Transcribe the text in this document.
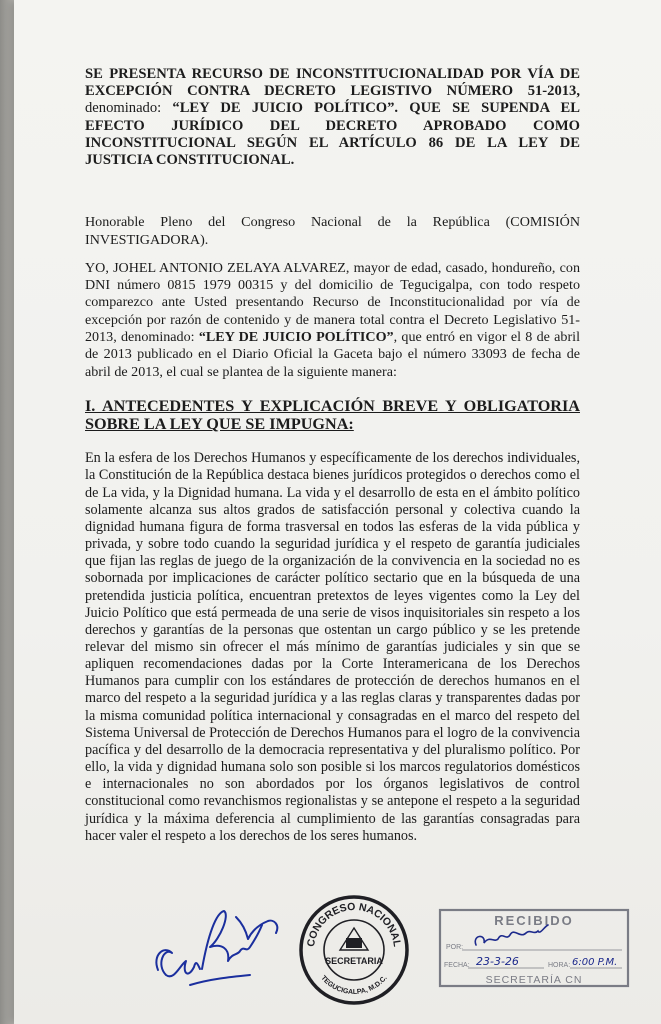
SE PRESENTA RECURSO DE INCONSTITUCIONALIDAD POR VÍA DE EXCEPCIÓN CONTRA DECRETO LEGISTIVO NÚMERO 51-2013, denominado: “LEY DE JUICIO POLÍTICO”. QUE SE SUPENDA EL EFECTO JURÍDICO DEL DECRETO APROBADO COMO INCONSTITUCIONAL SEGÚN EL ARTÍCULO 86 DE LA LEY DE JUSTICIA CONSTITUCIONAL.

Honorable Pleno del Congreso Nacional de la República (COMISIÓN INVESTIGADORA).

YO, JOHEL ANTONIO ZELAYA ALVAREZ, mayor de edad, casado, hondureño, con DNI número 0815 1979 00315 y del domicilio de Tegucigalpa, con todo respeto comparezco ante Usted presentando Recurso de Inconstitucionalidad por vía de excepción por razón de contenido y de manera total contra el Decreto Legislativo 51-2013, denominado: “LEY DE JUICIO POLÍTICO”, que entró en vigor el 8 de abril de 2013 publicado en el Diario Oficial la Gaceta bajo el número 33093 de fecha de abril de 2013, el cual se plantea de la siguiente manera:

I. ANTECEDENTES Y EXPLICACIÓN BREVE Y OBLIGATORIA SOBRE LA LEY QUE SE IMPUGNA:

En la esfera de los Derechos Humanos y específicamente de los derechos individuales, la Constitución de la República destaca bienes jurídicos protegidos o derechos como el de La vida, y la Dignidad humana. La vida y el desarrollo de esta en el ámbito político solamente alcanza sus altos grados de satisfacción personal y colectiva cuando la dignidad humana figura de forma trasversal en todos las esferas de la vida pública y privada, y sobre todo cuando la seguridad jurídica y el respeto de garantía judiciales que fijan las reglas de juego de la organización de la convivencia en la sociedad no es sobornada por implicaciones de carácter político sectario que en la búsqueda de una pretendida justicia política, encuentran pretextos de leyes vigentes como la Ley del Juicio Político que está permeada de una serie de visos inquisitoriales sin respeto a los derechos y garantías de la personas que ostentan un cargo público y se les pretende relevar del mismo sin ofrecer el más mínimo de garantías judiciales y sin que se apliquen recomendaciones dadas por la Corte Interamericana de los Derechos Humanos para cumplir con los estándares de protección de derechos humanos en el marco del respeto a la seguridad jurídica y a las reglas claras y transparentes dadas por la misma comunidad política internacional y consagradas en el marco del respeto del Sistema Universal de Protección de Derechos Humanos para el logro de la convivencia pacífica y del desarrollo de la democracia representativa y del pluralismo político. Por ello, la vida y dignidad humana solo son posible si los marcos regulatorios domésticos e internacionales no son abordados por los órganos legislativos de control constitucional como revanchismos regionalistas y se antepone el respeto a la seguridad jurídica y la máxima deferencia al cumplimiento de las garantías consagradas para hacer valer el respeto a los derechos de los seres humanos.

CONGRESO NACIONAL
TEGUCIGALPA, M.D.C.
SECRETARIA
RECIBIDO
POR:
FECHA:	HORA:
SECRETARÍA CN
23-3-26	6:00 P.M.
